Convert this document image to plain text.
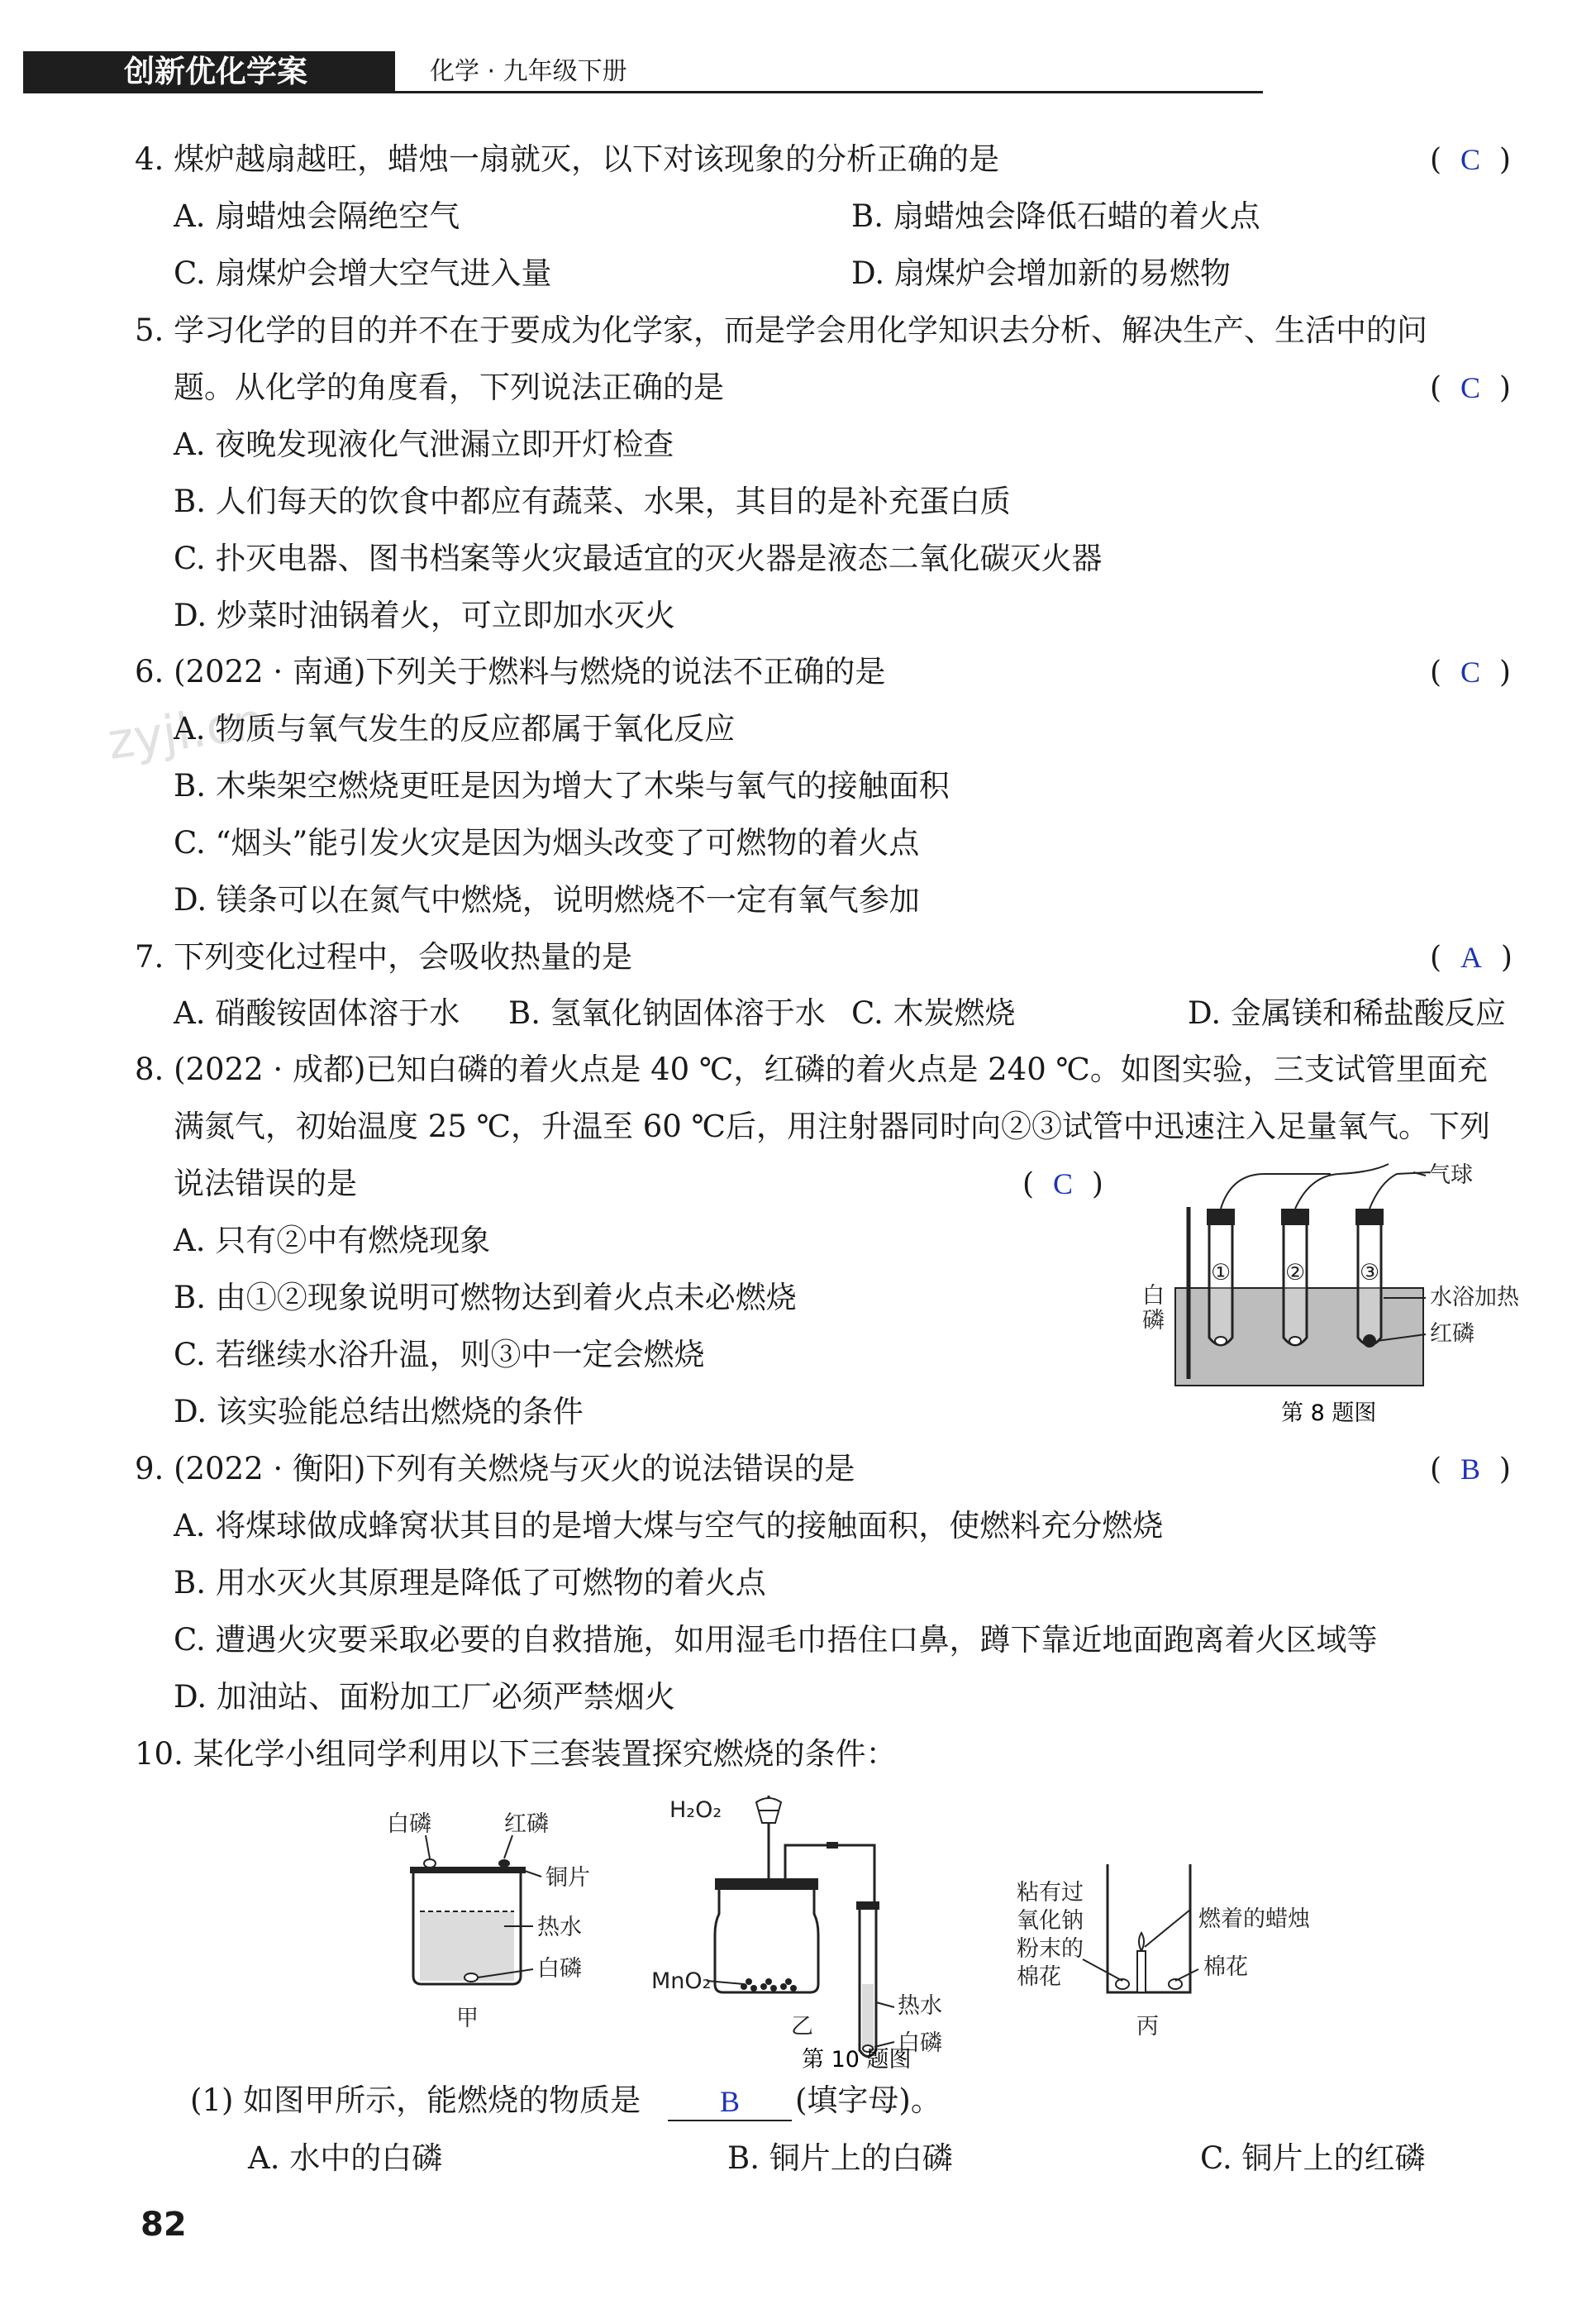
创新优化学案	化学 · 九年级下册
zyjl.cn
4. 煤炉越扇越旺，蜡烛一扇就灭，以下对该现象的分析正确的是	(  C  )
A. 扇蜡烛会隔绝空气	B. 扇蜡烛会降低石蜡的着火点
C. 扇煤炉会增大空气进入量	D. 扇煤炉会增加新的易燃物
5. 学习化学的目的并不在于要成为化学家，而是学会用化学知识去分析、解决生产、生活中的问
题。从化学的角度看，下列说法正确的是	(  C  )
A. 夜晚发现液化气泄漏立即开灯检查
B. 人们每天的饮食中都应有蔬菜、水果，其目的是补充蛋白质
C. 扑灭电器、图书档案等火灾最适宜的灭火器是液态二氧化碳灭火器
D. 炒菜时油锅着火，可立即加水灭火
6. (2022 · 南通)下列关于燃料与燃烧的说法不正确的是	(  C  )
A. 物质与氧气发生的反应都属于氧化反应
B. 木柴架空燃烧更旺是因为增大了木柴与氧气的接触面积
C. “烟头”能引发火灾是因为烟头改变了可燃物的着火点
D. 镁条可以在氮气中燃烧，说明燃烧不一定有氧气参加
7. 下列变化过程中，会吸收热量的是	(  A  )
A. 硝酸铵固体溶于水 B. 氢氧化钠固体溶于水 C. 木炭燃烧	D. 金属镁和稀盐酸反应
8. (2022 · 成都)已知白磷的着火点是 40 ℃，红磷的着火点是 240 ℃。如图实验，三支试管里面充
满氮气，初始温度 25 ℃，升温至 60 ℃后，用注射器同时向②③试管中迅速注入足量氧气。下列
说法错误的是	(  C  )
A. 只有②中有燃烧现象
B. 由①②现象说明可燃物达到着火点未必燃烧
C. 若继续水浴升温，则③中一定会燃烧
D. 该实验能总结出燃烧的条件
气球
① ② ③
水浴加热
红磷
白
磷
第 8 题图
9. (2022 · 衡阳)下列有关燃烧与灭火的说法错误的是	(  B  )
A. 将煤球做成蜂窝状其目的是增大煤与空气的接触面积，使燃料充分燃烧
B. 用水灭火其原理是降低了可燃物的着火点
C. 遭遇火灾要采取必要的自救措施，如用湿毛巾捂住口鼻，蹲下靠近地面跑离着火区域等
D. 加油站、面粉加工厂必须严禁烟火
10. 某化学小组同学利用以下三套装置探究燃烧的条件：
白磷	红磷
铜片
热水
白磷
甲
H₂O₂
MnO₂
热水
白磷
乙
粘有过
氧化钠
粉末的
棉花
燃着的蜡烛
棉花
丙
第 10 题图
(1) 如图甲所示，能燃烧的物质是	B	(填字母)。
A. 水中的白磷	B. 铜片上的白磷	C. 铜片上的红磷
82
